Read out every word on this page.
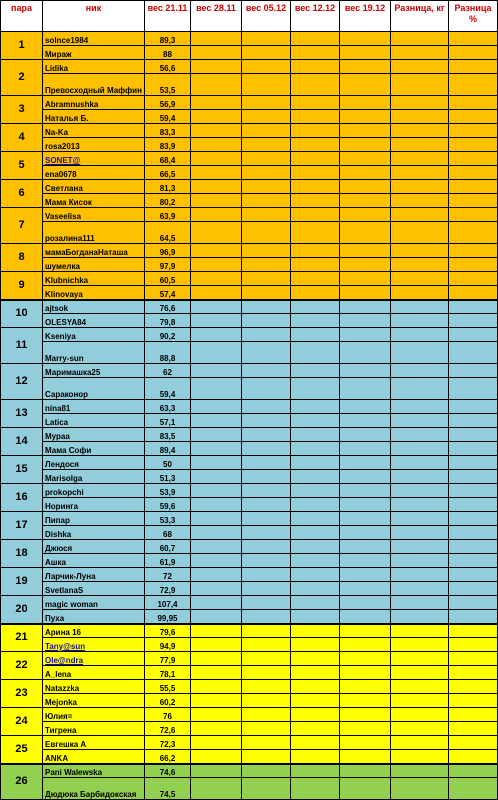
пара	ник	вес 21.11	вес 28.11	вес 05.12	вес 12.12	вес 19.12	Разница, кг	Разница %
1	solnce1984	89,3						
	Мираж	88						
2	Lidika	56,6						
	Превосходный Маффин	53,5						
3	Abramnushka	56,9						
	Наталья Б.	59,4						
4	Na-Ka	83,3						
	rosa2013	83,9						
5	SONET@	68,4						
	ena0678	66,5						
6	Cвeтлана	81,3						
	Мама Кисок	80,2						
7	Vaseelisa	63,9						
	розалина111	64,5						
8	мамаБогданаНаташа	96,9						
	шумелка	97,9						
9	Klubnichka	60,5						
	Klinovaya	57,4						
10	ajtsok	76,6						
	OLESYA84	79,8						
11	Kseniya	90,2						
	Marry-sun	88,8						
12	Маримашка25	62						
	Сараконор	59,4						
13	nina81	63,3						
	Latica	57,1						
14	Мураа	83,5						
	Мама Софи	89,4						
15	Лендося	50						
	Marisolga	51,3						
16	prokopchi	53,9						
	Норинга	59,6						
17	Пипар	53,3						
	Dishka	68						
18	Джюся	60,7						
	Ашка	61,9						
19	Ларчик-Луна	72						
	SvetlanaS	72,9						
20	magic woman	107,4						
	Пуха	99,95						
21	Арина 16	79,6						
	Tany@sun	94,9						
22	Ole@ndra	77,9						
	A_lena	78,1						
23	Natazzka	55,5						
	Mejonka	60,2						
24	Юлия=	76						
	Тигрена	72,6						
25	Евгешка А	72,3						
	ANKA	66,2						
26	Pani Walewska	74,6						
	Дюдюка Барбидокская	74,5						
